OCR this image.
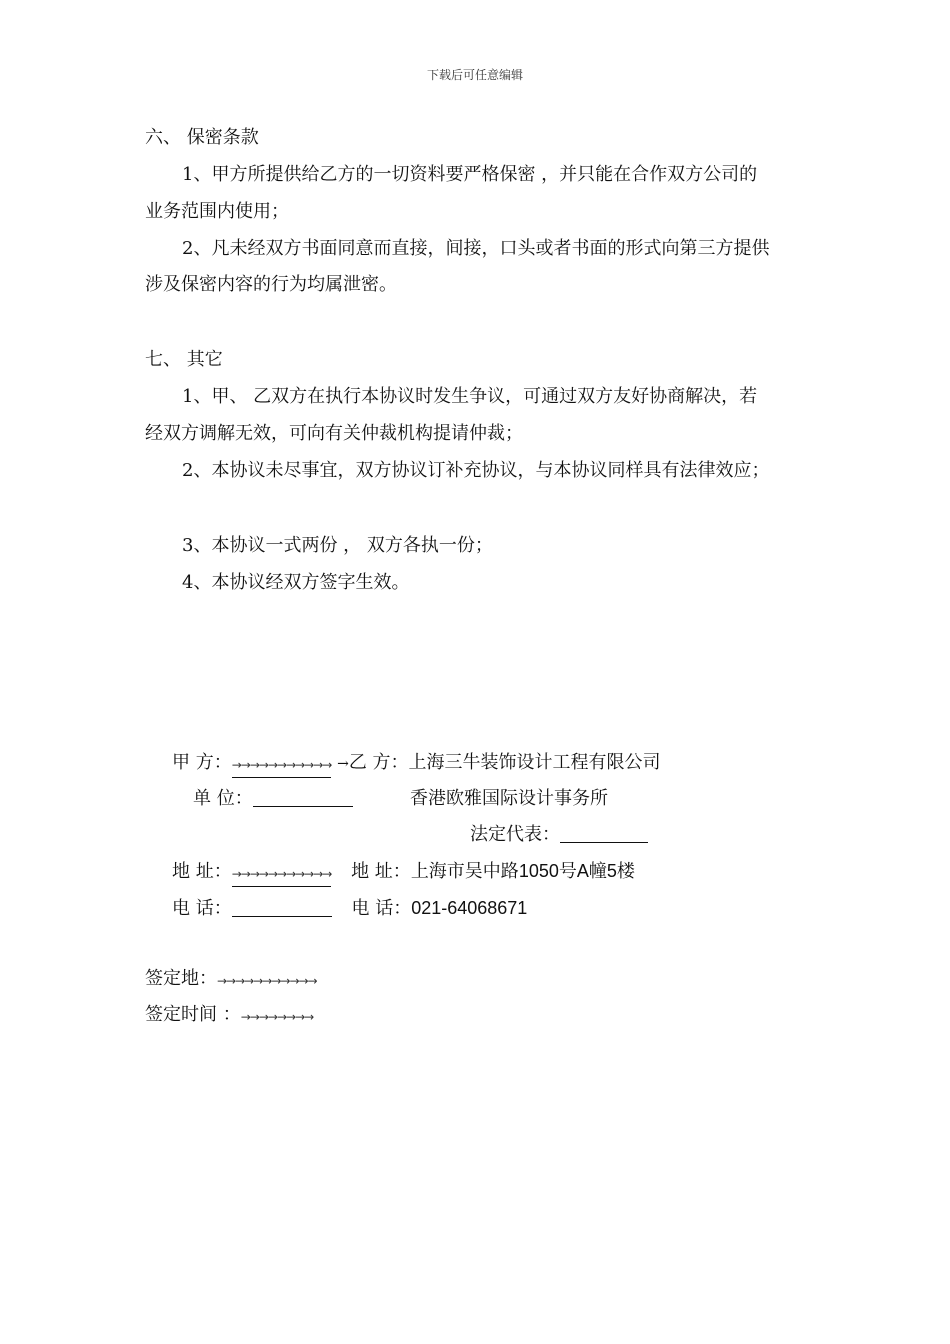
下载后可任意编辑
六、 保密条款
1、甲方所提供给乙方的一切资料要严格保密 ，并只能在合作双方公司的
业务范围内使用；
2、凡未经双方书面同意而直接，间接，口头或者书面的形式向第三方提供
涉及保密内容的行为均属泄密。
七、 其它
1、甲、 乙双方在执行本协议时发生争议，可通过双方友好协商解决，若
经双方调解无效，可向有关仲裁机构提请仲裁；
2、本协议未尽事宜，双方协议订补充协议，与本协议同样具有法律效应；
3、本协议一式两份 ， 双方各执一份；
4、本协议经双方签字生效。
甲 方：→→→→→→→→→→→ →乙 方：上海三牛装饰设计工程有限公司
单 位：	香港欧雅国际设计事务所
法定代表：
地 址：→→→→→→→→→→→ 地 址：上海市吴中路1050号A幢5楼
电 话：	电 话：021-64068671
签定地：→→→→→→→→→→→
签定时间 ：→→→→→→→→
